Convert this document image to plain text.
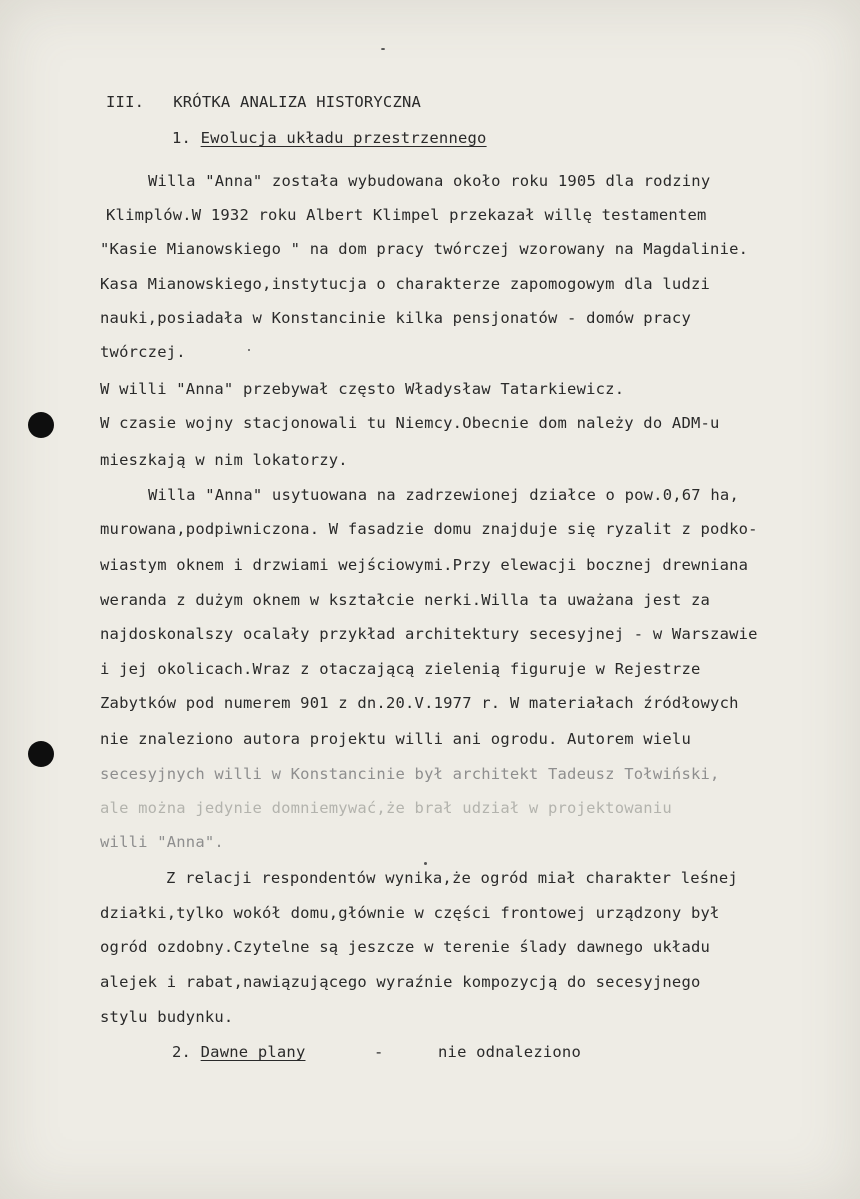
III. KRÓTKA ANALIZA HISTORYCZNA
1. Ewolucja układu przestrzennego
Willa "Anna" została wybudowana około roku 1905 dla rodziny
Klimplów.W 1932 roku Albert Klimpel przekazał willę testamentem
"Kasie Mianowskiego " na dom pracy twórczej wzorowany na Magdalinie.
Kasa Mianowskiego,instytucja o charakterze zapomogowym dla ludzi
nauki,posiadała w Konstancinie kilka pensjonatów - domów pracy
twórczej.
W willi "Anna" przebywał często Władysław Tatarkiewicz.
W czasie wojny stacjonowali tu Niemcy.Obecnie dom należy do ADM-u
mieszkają w nim lokatorzy.
Willa "Anna" usytuowana na zadrzewionej działce o pow.0,67 ha,
murowana,podpiwniczona. W fasadzie domu znajduje się ryzalit z podko-
wiastym oknem i drzwiami wejściowymi.Przy elewacji bocznej drewniana
weranda z dużym oknem w kształcie nerki.Willa ta uważana jest za
najdoskonalszy ocalały przykład architektury secesyjnej - w Warszawie
i jej okolicach.Wraz z otaczającą zielenią figuruje w Rejestrze
Zabytków pod numerem 901 z dn.20.V.1977 r. W materiałach źródłowych
nie znaleziono autora projektu willi ani ogrodu. Autorem wielu
secesyjnych willi w Konstancinie był architekt Tadeusz Tołwiński,
ale można jedynie domniemywać,że brał udział w projektowaniu
willi "Anna".
Z relacji respondentów wynika,że ogród miał charakter leśnej
działki,tylko wokół domu,głównie w części frontowej urządzony był
ogród ozdobny.Czytelne są jeszcze w terenie ślady dawnego układu
alejek i rabat,nawiązującego wyraźnie kompozycją do secesyjnego
stylu budynku.
2. Dawne plany	-	nie odnaleziono
